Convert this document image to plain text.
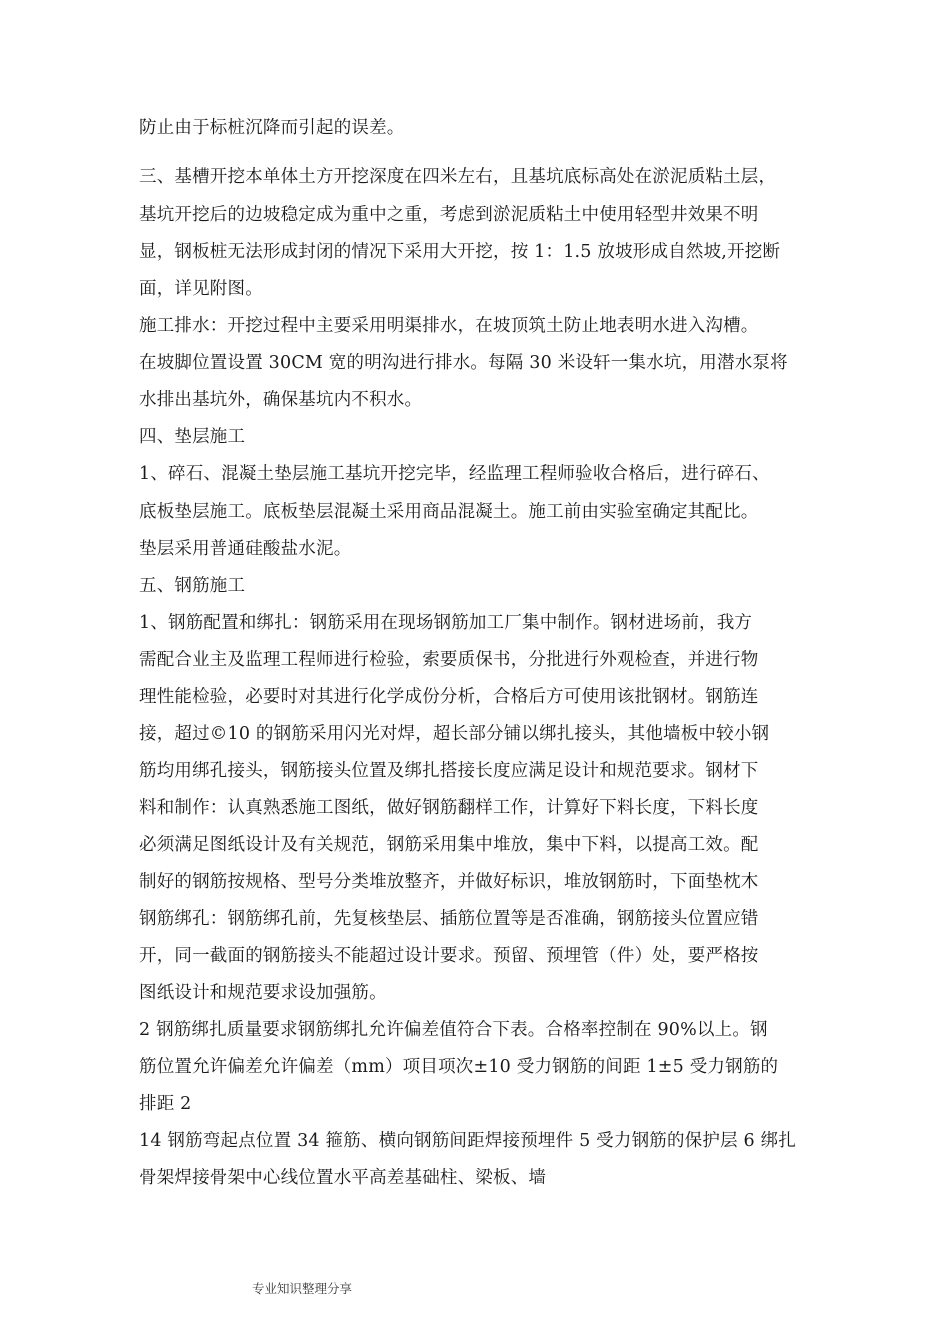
防止由于标桩沉降而引起的误差。

三、基槽开挖本单体土方开挖深度在四米左右，且基坑底标高处在淤泥质粘土层，

基坑开挖后的边坡稳定成为重中之重，考虑到淤泥质粘土中使用轻型井效果不明

显，钢板桩无法形成封闭的情况下采用大开挖，按 1：1.5 放坡形成自然坡,开挖断

面，详见附图。

施工排水：开挖过程中主要采用明渠排水，在坡顶筑土防止地表明水进入沟槽。

在坡脚位置设置 30CM 宽的明沟进行排水。每隔 30 米设轩一集水坑，用潜水泵将

水排出基坑外，确保基坑内不积水。

四、垫层施工

1、碎石、混凝土垫层施工基坑开挖完毕，经监理工程师验收合格后，进行碎石、

底板垫层施工。底板垫层混凝土采用商品混凝土。施工前由实验室确定其配比。

垫层采用普通硅酸盐水泥。

五、钢筋施工

1、钢筋配置和绑扎：钢筋采用在现场钢筋加工厂集中制作。钢材进场前，我方

需配合业主及监理工程师进行检验，索要质保书，分批进行外观检查，并进行物

理性能检验，必要时对其进行化学成份分析，合格后方可使用该批钢材。钢筋连

接，超过©10 的钢筋采用闪光对焊，超长部分铺以绑扎接头，其他墙板中较小钢

筋均用绑孔接头，钢筋接头位置及绑扎搭接长度应满足设计和规范要求。钢材下

料和制作：认真熟悉施工图纸，做好钢筋翻样工作，计算好下料长度，下料长度

必须满足图纸设计及有关规范，钢筋采用集中堆放，集中下料，以提高工效。配

制好的钢筋按规格、型号分类堆放整齐，并做好标识，堆放钢筋时，下面垫枕木

钢筋绑孔：钢筋绑孔前，先复核垫层、插筋位置等是否准确，钢筋接头位置应错

开，同一截面的钢筋接头不能超过设计要求。预留、预埋管（件）处，要严格按

图纸设计和规范要求设加强筋。

2 钢筋绑扎质量要求钢筋绑扎允许偏差值符合下表。合格率控制在 90%以上。钢

筋位置允许偏差允许偏差（mm）项目项次±10 受力钢筋的间距 1±5 受力钢筋的

排距 2

14 钢筋弯起点位置 34 箍筋、横向钢筋间距焊接预埋件 5 受力钢筋的保护层 6 绑扎

骨架焊接骨架中心线位置水平高差基础柱、梁板、墙

专业知识整理分享
